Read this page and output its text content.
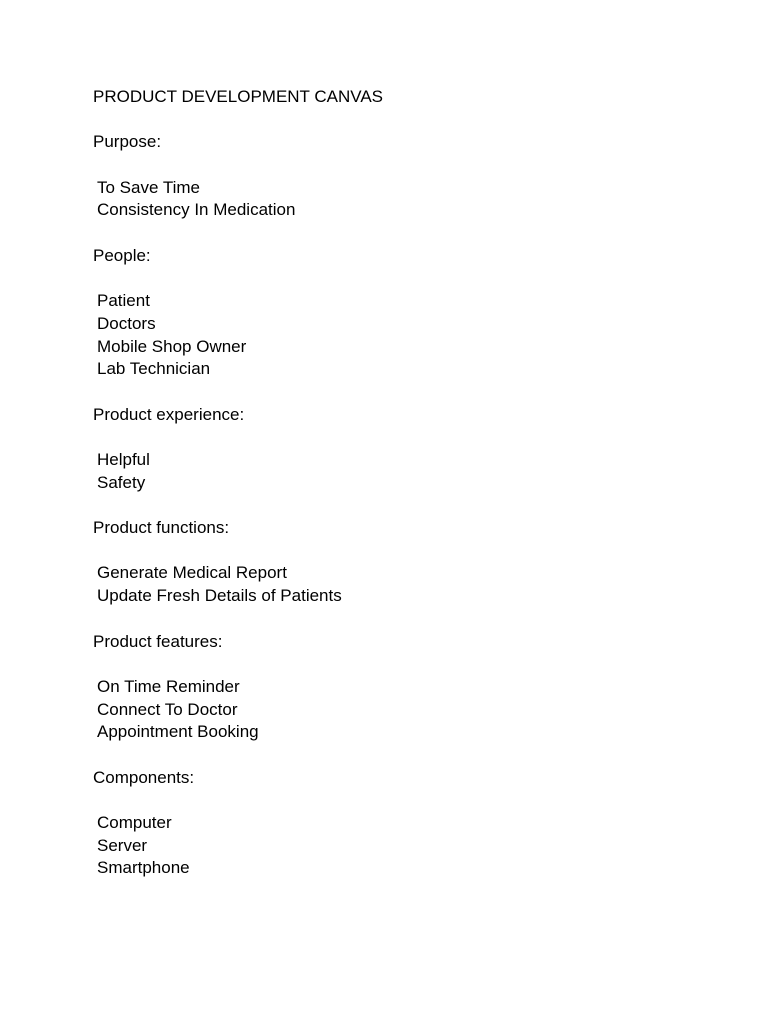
PRODUCT DEVELOPMENT CANVAS
Purpose:
To Save Time
Consistency In Medication
People:
Patient
Doctors
Mobile Shop Owner
Lab Technician
Product experience:
Helpful
Safety
Product functions:
Generate Medical Report
Update Fresh Details of Patients
Product features:
On Time Reminder
Connect To Doctor
Appointment Booking
Components:
Computer
Server
Smartphone
